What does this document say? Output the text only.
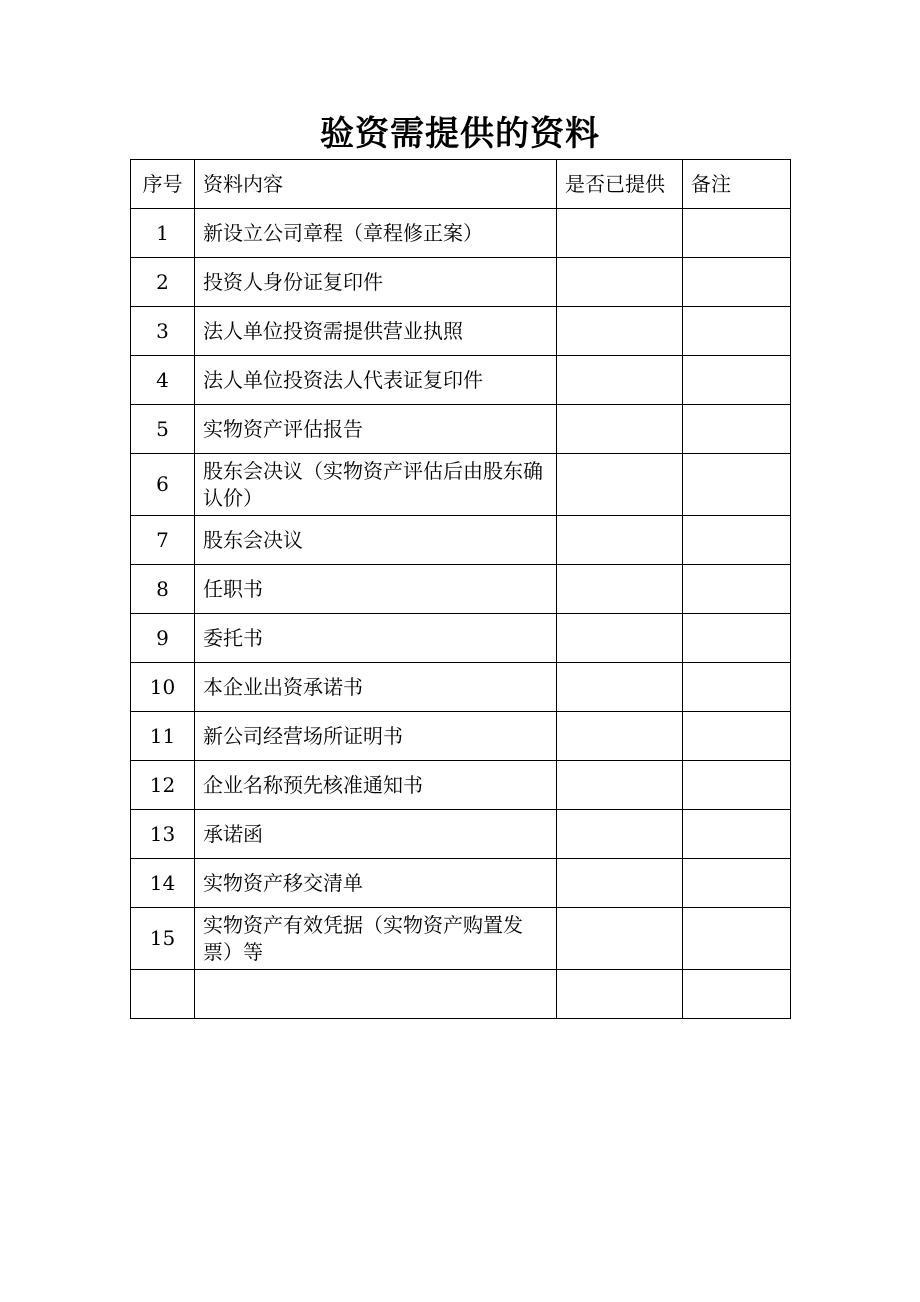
验资需提供的资料
序号	资料内容	是否已提供	备注
1	新设立公司章程（章程修正案）		
2	投资人身份证复印件		
3	法人单位投资需提供营业执照		
4	法人单位投资法人代表证复印件		
5	实物资产评估报告		
6	股东会决议（实物资产评估后由股东确认价）		
7	股东会决议		
8	任职书		
9	委托书		
10	本企业出资承诺书		
11	新公司经营场所证明书		
12	企业名称预先核准通知书		
13	承诺函		
14	实物资产移交清单		
15	实物资产有效凭据（实物资产购置发票）等		
